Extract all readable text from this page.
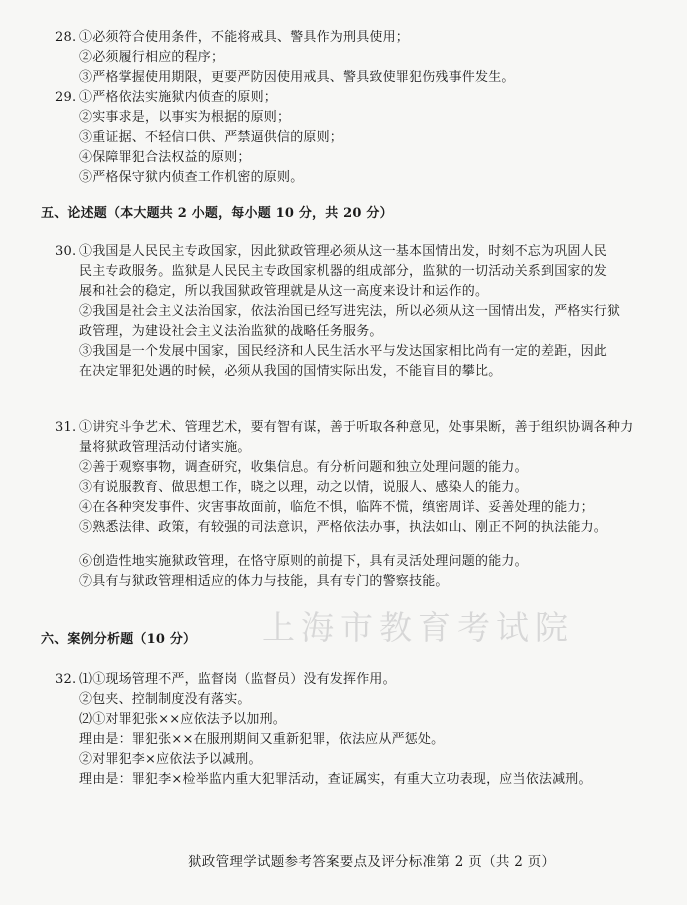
28. ①必须符合使用条件，不能将戒具、警具作为刑具使用；
②必须履行相应的程序；
③严格掌握使用期限，更要严防因使用戒具、警具致使罪犯伤残事件发生。
29. ①严格依法实施狱内侦查的原则；
②实事求是，以事实为根据的原则；
③重证据、不轻信口供、严禁逼供信的原则；
④保障罪犯合法权益的原则；
⑤严格保守狱内侦查工作机密的原则。
五、论述题（本大题共 2 小题，每小题 10 分，共 20 分）
30. ①我国是人民民主专政国家，因此狱政管理必须从这一基本国情出发，时刻不忘为巩固人民
民主专政服务。监狱是人民民主专政国家机器的组成部分，监狱的一切活动关系到国家的发
展和社会的稳定，所以我国狱政管理就是从这一高度来设计和运作的。
②我国是社会主义法治国家，依法治国已经写进宪法，所以必须从这一国情出发，严格实行狱
政管理，为建设社会主义法治监狱的战略任务服务。
③我国是一个发展中国家，国民经济和人民生活水平与发达国家相比尚有一定的差距，因此
在决定罪犯处遇的时候，必须从我国的国情实际出发，不能盲目的攀比。
31. ①讲究斗争艺术、管理艺术，要有智有谋，善于听取各种意见，处事果断，善于组织协调各种力
量将狱政管理活动付诸实施。
②善于观察事物，调查研究，收集信息。有分析问题和独立处理问题的能力。
③有说服教育、做思想工作，晓之以理，动之以情，说服人、感染人的能力。
④在各种突发事件、灾害事故面前，临危不惧，临阵不慌，缜密周详、妥善处理的能力；
⑤熟悉法律、政策，有较强的司法意识，严格依法办事，执法如山、刚正不阿的执法能力。
⑥创造性地实施狱政管理，在恪守原则的前提下，具有灵活处理问题的能力。
⑦具有与狱政管理相适应的体力与技能，具有专门的警察技能。
上海市教育考试院
六、案例分析题（10 分）
32. ⑴①现场管理不严，监督岗（监督员）没有发挥作用。
②包夹、控制制度没有落实。
⑵①对罪犯张××应依法予以加刑。
理由是：罪犯张××在服刑期间又重新犯罪，依法应从严惩处。
②对罪犯李×应依法予以减刑。
理由是：罪犯李×检举监内重大犯罪活动，查证属实，有重大立功表现，应当依法减刑。
狱政管理学试题参考答案要点及评分标准第 2 页（共 2 页）
